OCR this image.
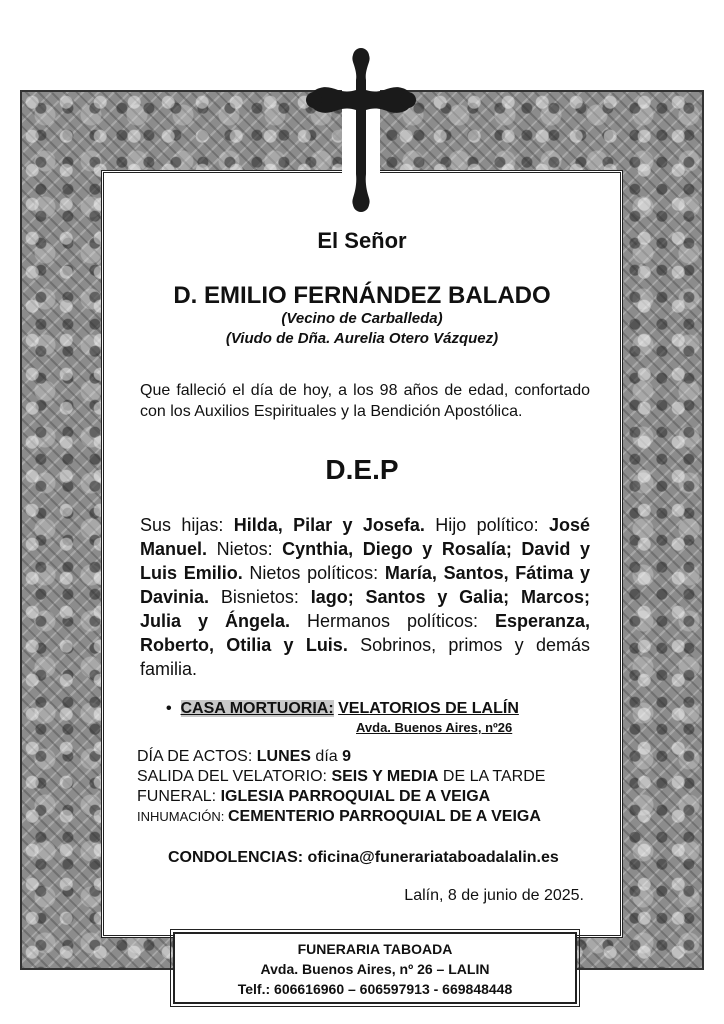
El Señor

D. EMILIO FERNÁNDEZ BALADO

(Vecino de Carballeda)

(Viudo de Dña. Aurelia Otero Vázquez)

Que falleció el día de hoy, a los 98 años de edad, confortado con los Auxilios Espirituales y la Bendición Apostólica.

D.E.P

Sus hijas: Hilda, Pilar y Josefa. Hijo político: José Manuel. Nietos: Cynthia, Diego y Rosalía; David y Luis Emilio. Nietos políticos: María, Santos, Fátima y Davinia. Bisnietos: Iago; Santos y Galia; Marcos; Julia y Ángela. Hermanos políticos: Esperanza, Roberto, Otilia y Luis. Sobrinos, primos y demás familia.

• CASA MORTUORIA: VELATORIOS DE LALÍN
Avda. Buenos Aires, nº26
DÍA DE ACTOS: LUNES día 9
SALIDA DEL VELATORIO: SEIS Y MEDIA DE LA TARDE
FUNERAL: IGLESIA PARROQUIAL DE A VEIGA
INHUMACIÓN: CEMENTERIO PARROQUIAL DE A VEIGA
CONDOLENCIAS: oficina@funerariataboadalalin.es
Lalín, 8 de junio de 2025.

FUNERARIA TABOADA

Avda. Buenos Aires, nº 26 – LALIN

Telf.: 606616960 – 606597913 - 669848448
